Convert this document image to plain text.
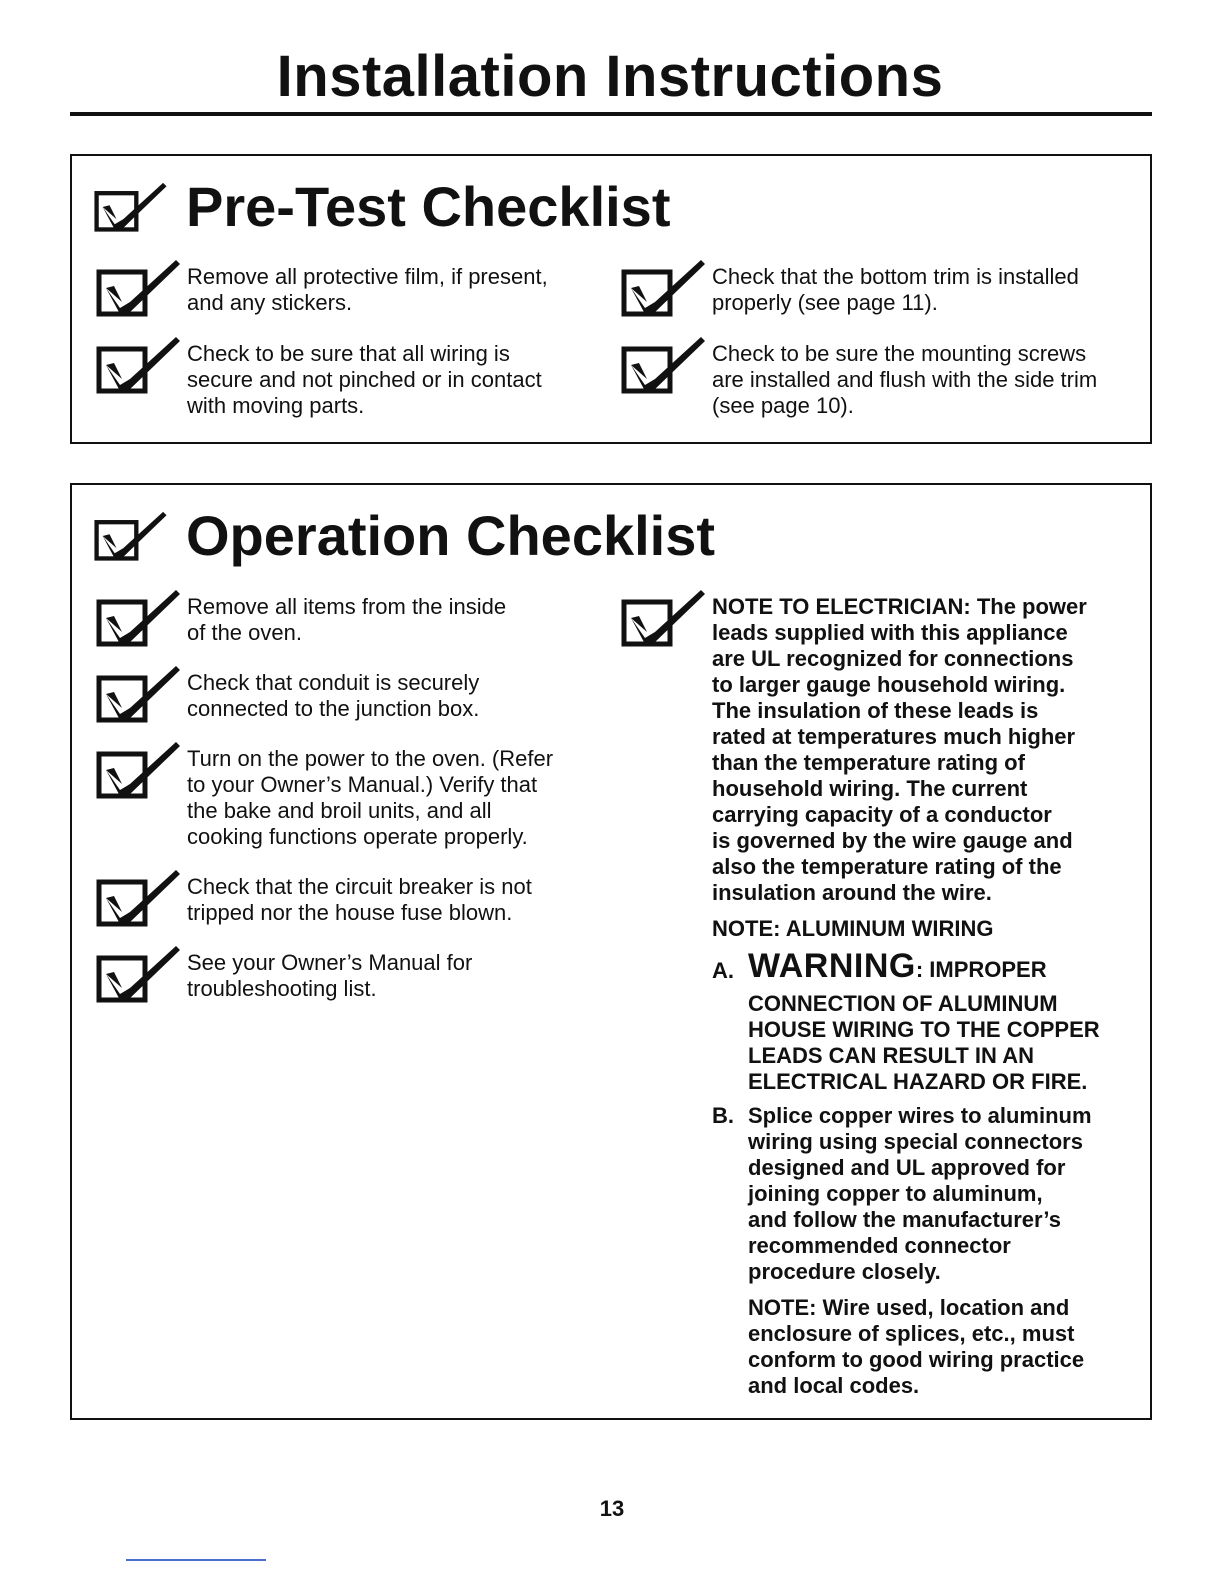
Installation Instructions
Pre-Test Checklist
Remove all protective film, if present,
and any stickers.
Check to be sure that all wiring is
secure and not pinched or in contact
with moving parts.
Check that the bottom trim is installed
properly (see page 11).
Check to be sure the mounting screws
are installed and flush with the side trim
(see page 10).
Operation Checklist
Remove all items from the inside
of the oven.
Check that conduit is securely
connected to the junction box.
Turn on the power to the oven. (Refer
to your Owner’s Manual.) Verify that
the bake and broil units, and all
cooking functions operate properly.
Check that the circuit breaker is not
tripped nor the house fuse blown.
See your Owner’s Manual for
troubleshooting list.
NOTE TO ELECTRICIAN: The power
leads supplied with this appliance
are UL recognized for connections
to larger gauge household wiring.
The insulation of these leads is
rated at temperatures much higher
than the temperature rating of
household wiring. The current
carrying capacity of a conductor
is governed by the wire gauge and
also the temperature rating of the
insulation around the wire.
NOTE: ALUMINUM WIRING
A. WARNING: IMPROPER
CONNECTION OF ALUMINUM
HOUSE WIRING TO THE COPPER
LEADS CAN RESULT IN AN
ELECTRICAL HAZARD OR FIRE.
B. Splice copper wires to aluminum
wiring using special connectors
designed and UL approved for
joining copper to aluminum,
and follow the manufacturer’s
recommended connector
procedure closely.
NOTE: Wire used, location and
enclosure of splices, etc., must
conform to good wiring practice
and local codes.
13
